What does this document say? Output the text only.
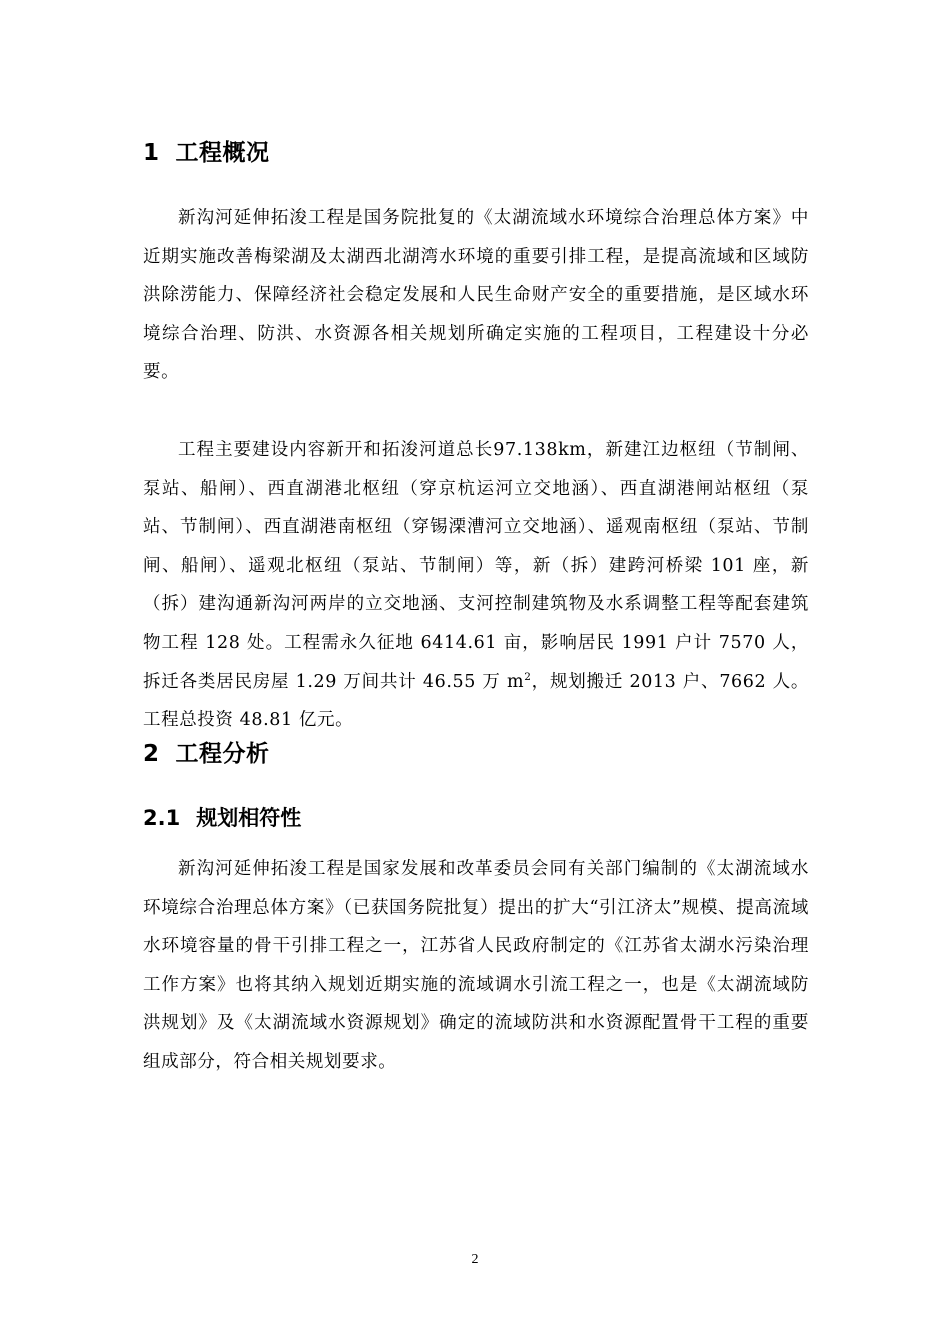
1 工程概况
新沟河延伸拓浚工程是国务院批复的《太湖流域水环境综合治理总体方案》中近期实施改善梅梁湖及太湖西北湖湾水环境的重要引排工程，是提高流域和区域防洪除涝能力、保障经济社会稳定发展和人民生命财产安全的重要措施，是区域水环境综合治理、防洪、水资源各相关规划所确定实施的工程项目，工程建设十分必要。
工程主要建设内容新开和拓浚河道总长97.138km，新建江边枢纽（节制闸、泵站、船闸）、西直湖港北枢纽（穿京杭运河立交地涵）、西直湖港闸站枢纽（泵站、节制闸）、西直湖港南枢纽（穿锡溧漕河立交地涵）、遥观南枢纽（泵站、节制闸、船闸）、遥观北枢纽（泵站、节制闸）等，新（拆）建跨河桥梁 101 座，新（拆）建沟通新沟河两岸的立交地涵、支河控制建筑物及水系调整工程等配套建筑物工程 128 处。工程需永久征地 6414.61 亩，影响居民 1991 户计 7570 人，拆迁各类居民房屋 1.29 万间共计 46.55 万 $m^2$，规划搬迁 2013 户、7662 人。工程总投资 48.81 亿元。
2 工程分析
2.1 规划相符性
新沟河延伸拓浚工程是国家发展和改革委员会同有关部门编制的《太湖流域水环境综合治理总体方案》（已获国务院批复）提出的扩大“引江济太”规模、提高流域水环境容量的骨干引排工程之一，江苏省人民政府制定的《江苏省太湖水污染治理工作方案》也将其纳入规划近期实施的流域调水引流工程之一，也是《太湖流域防洪规划》及《太湖流域水资源规划》确定的流域防洪和水资源配置骨干工程的重要组成部分，符合相关规划要求。
2
